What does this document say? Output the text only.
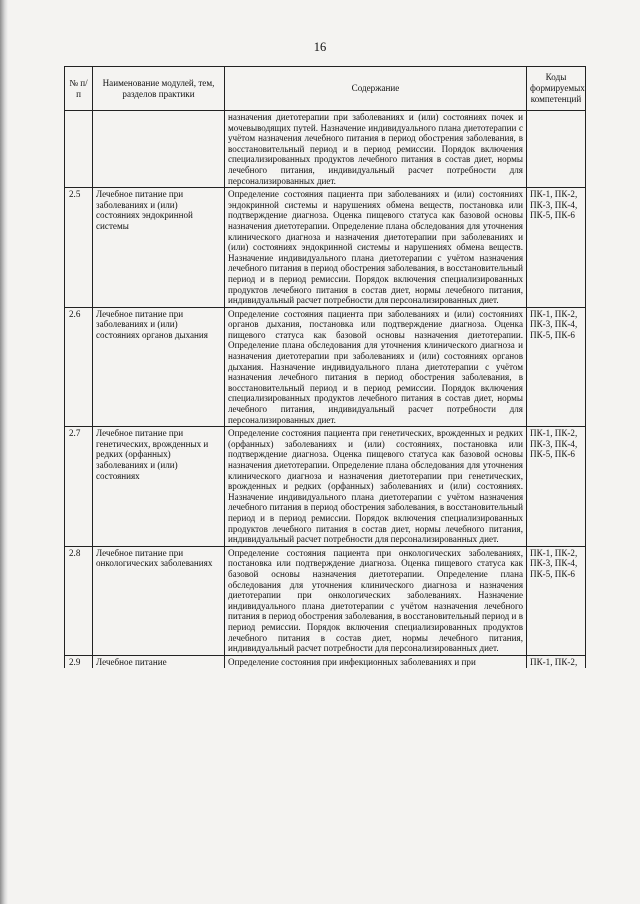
16
№ п/п	Наименование модулей, тем, разделов практики	Содержание	Коды формируемых компетенций
		назначения диетотерапии при заболеваниях и (или) состояниях почек и мочевыводящих путей. Назначение индивидуального плана диетотерапии с учётом назначения лечебного питания в период обострения заболевания, в восстановительный период и в период ремиссии. Порядок включения специализированных продуктов лечебного питания в состав диет, нормы лечебного питания, индивидуальный расчет потребности для персонализированных диет.	
2.5	Лечебное питание при заболеваниях и (или) состояниях эндокринной системы	Определение состояния пациента при заболеваниях и (или) состояниях эндокринной системы и нарушениях обмена веществ, постановка или подтверждение диагноза. Оценка пищевого статуса как базовой основы назначения диетотерапии. Определение плана обследования для уточнения клинического диагноза и назначения диетотерапии при заболеваниях и (или) состояниях эндокринной системы и нарушениях обмена веществ. Назначение индивидуального плана диетотерапии с учётом назначения лечебного питания в период обострения заболевания, в восстановительный период и в период ремиссии. Порядок включения специализированных продуктов лечебного питания в состав диет, нормы лечебного питания, индивидуальный расчет потребности для персонализированных диет.	ПК-1, ПК-2, ПК-3, ПК-4, ПК-5, ПК-6
2.6	Лечебное питание при заболеваниях и (или) состояниях органов дыхания	Определение состояния пациента при заболеваниях и (или) состояниях органов дыхания, постановка или подтверждение диагноза. Оценка пищевого статуса как базовой основы назначения диетотерапии. Определение плана обследования для уточнения клинического диагноза и назначения диетотерапии при заболеваниях и (или) состояниях органов дыхания. Назначение индивидуального плана диетотерапии с учётом назначения лечебного питания в период обострения заболевания, в восстановительный период и в период ремиссии. Порядок включения специализированных продуктов лечебного питания в состав диет, нормы лечебного питания, индивидуальный расчет потребности для персонализированных диет.	ПК-1, ПК-2, ПК-3, ПК-4, ПК-5, ПК-6
2.7	Лечебное питание при генетических, врожденных и редких (орфанных) заболеваниях и (или) состояниях	Определение состояния пациента при генетических, врожденных и редких (орфанных) заболеваниях и (или) состояниях, постановка или подтверждение диагноза. Оценка пищевого статуса как базовой основы назначения диетотерапии. Определение плана обследования для уточнения клинического диагноза и назначения диетотерапии при генетических, врожденных и редких (орфанных) заболеваниях и (или) состояниях. Назначение индивидуального плана диетотерапии с учётом назначения лечебного питания в период обострения заболевания, в восстановительный период и в период ремиссии. Порядок включения специализированных продуктов лечебного питания в состав диет, нормы лечебного питания, индивидуальный расчет потребности для персонализированных диет.	ПК-1, ПК-2, ПК-3, ПК-4, ПК-5, ПК-6
2.8	Лечебное питание при онкологических заболеваниях	Определение состояния пациента при онкологических заболеваниях, постановка или подтверждение диагноза. Оценка пищевого статуса как базовой основы назначения диетотерапии. Определение плана обследования для уточнения клинического диагноза и назначения диетотерапии при онкологических заболеваниях. Назначение индивидуального плана диетотерапии с учётом назначения лечебного питания в период обострения заболевания, в восстановительный период и в период ремиссии. Порядок включения специализированных продуктов лечебного питания в состав диет, нормы лечебного питания, индивидуальный расчет потребности для персонализированных диет.	ПК-1, ПК-2, ПК-3, ПК-4, ПК-5, ПК-6
2.9	Лечебное питание	Определение состояния при инфекционных заболеваниях и при	ПК-1, ПК-2,
